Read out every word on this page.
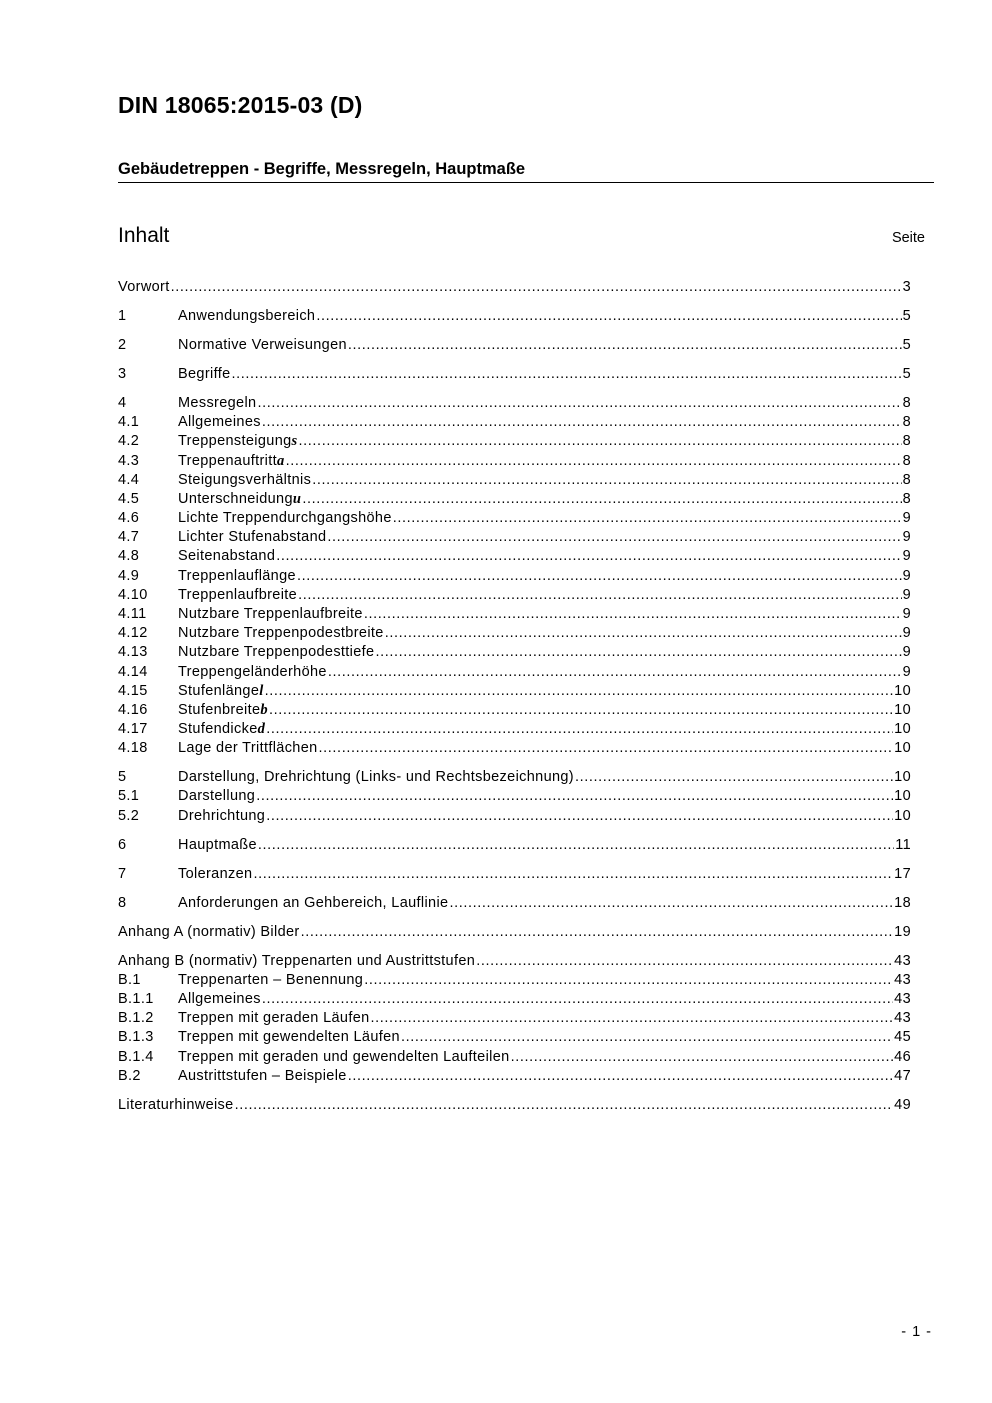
DIN 18065:2015-03 (D)
Gebäudetreppen - Begriffe, Messregeln, Hauptmaße
Inhalt	Seite
Vorwort .....	3
1	Anwendungsbereich .....	5
2	Normative Verweisungen .....	5
3	Begriffe .....	5
4	Messregeln .....	8
4.1	Allgemeines .....	8
4.2	Treppensteigung s .....	8
4.3	Treppenauftritt a .....	8
4.4	Steigungsverhältnis .....	8
4.5	Unterschneidung u .....	8
4.6	Lichte Treppendurchgangshöhe .....	9
4.7	Lichter Stufenabstand .....	9
4.8	Seitenabstand .....	9
4.9	Treppenlauflänge .....	9
4.10	Treppenlaufbreite .....	9
4.11	Nutzbare Treppenlaufbreite .....	9
4.12	Nutzbare Treppenpodestbreite .....	9
4.13	Nutzbare Treppenpodesttiefe .....	9
4.14	Treppengeländerhöhe .....	9
4.15	Stufenlänge l .....	10
4.16	Stufenbreite b .....	10
4.17	Stufendicke d .....	10
4.18	Lage der Trittflächen .....	10
5	Darstellung, Drehrichtung (Links- und Rechtsbezeichnung) .....	10
5.1	Darstellung .....	10
5.2	Drehrichtung .....	10
6	Hauptmaße .....	11
7	Toleranzen .....	17
8	Anforderungen an Gehbereich, Lauflinie .....	18
Anhang A (normativ) Bilder .....	19
Anhang B (normativ) Treppenarten und Austrittstufen .....	43
B.1	Treppenarten – Benennung .....	43
B.1.1	Allgemeines .....	43
B.1.2	Treppen mit geraden Läufen .....	43
B.1.3	Treppen mit gewendelten Läufen .....	45
B.1.4	Treppen mit geraden und gewendelten Laufteilen .....	46
B.2	Austrittstufen – Beispiele .....	47
Literaturhinweise .....	49
- 1 -
